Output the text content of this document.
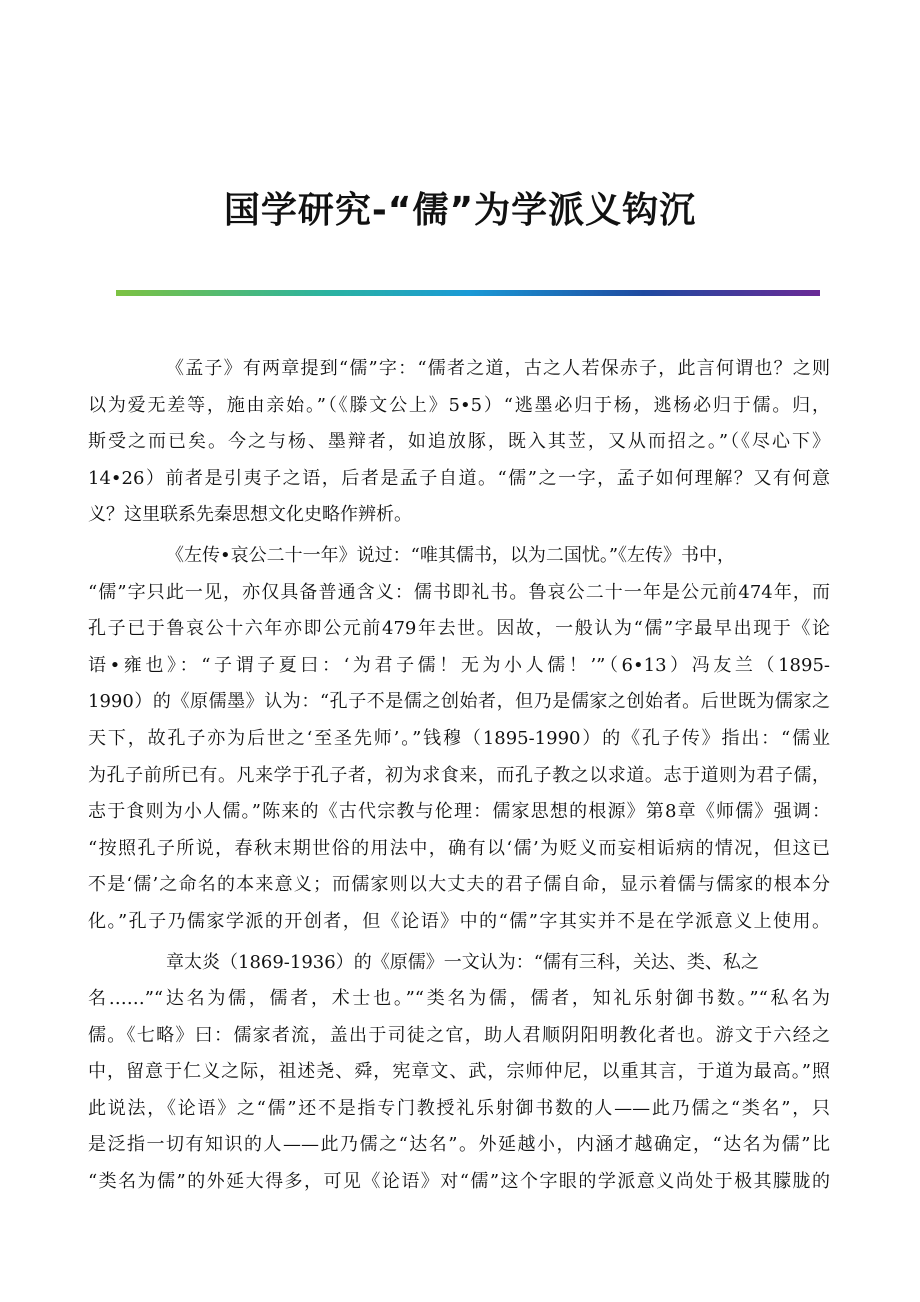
国学研究-“儒”为学派义钩沉
《孟子》有两章提到“儒”字：“儒者之道，古之人若保赤子，此言何谓也？之则
以为爱无差等，施由亲始。”（《滕文公上》5•5）“逃墨必归于杨，逃杨必归于儒。归，
斯受之而已矣。今之与杨、墨辩者，如追放豚，既入其苙，又从而招之。”（《尽心下》
14•26）前者是引夷子之语，后者是孟子自道。“儒”之一字，孟子如何理解？又有何意
义？这里联系先秦思想文化史略作辨析。
《左传•哀公二十一年》说过：“唯其儒书，以为二国忧。”《左传》书中，
“儒”字只此一见，亦仅具备普通含义：儒书即礼书。鲁哀公二十一年是公元前474年，而
孔子已于鲁哀公十六年亦即公元前479年去世。因故，一般认为“儒”字最早出现于《论
语•雍也》：“子谓子夏曰：‘为君子儒！无为小人儒！’”（6•13）冯友兰（1895-
1990）的《原儒墨》认为：“孔子不是儒之创始者，但乃是儒家之创始者。后世既为儒家之
天下，故孔子亦为后世之‘至圣先师’。”钱穆（1895-1990）的《孔子传》指出：“儒业
为孔子前所已有。凡来学于孔子者，初为求食来，而孔子教之以求道。志于道则为君子儒，
志于食则为小人儒。”陈来的《古代宗教与伦理：儒家思想的根源》第8章《师儒》强调：
“按照孔子所说，春秋末期世俗的用法中，确有以‘儒’为贬义而妄相诟病的情况，但这已
不是‘儒’之命名的本来意义；而儒家则以大丈夫的君子儒自命，显示着儒与儒家的根本分
化。”孔子乃儒家学派的开创者，但《论语》中的“儒”字其实并不是在学派意义上使用。
章太炎（1869-1936）的《原儒》一文认为：“儒有三科，关达、类、私之
名……”“达名为儒，儒者，术士也。”“类名为儒，儒者，知礼乐射御书数。”“私名为
儒。《七略》曰：儒家者流，盖出于司徒之官，助人君顺阴阳明教化者也。游文于六经之
中，留意于仁义之际，祖述尧、舜，宪章文、武，宗师仲尼，以重其言，于道为最高。”照
此说法，《论语》之“儒”还不是指专门教授礼乐射御书数的人——此乃儒之“类名”，只
是泛指一切有知识的人——此乃儒之“达名”。外延越小，内涵才越确定，“达名为儒”比
“类名为儒”的外延大得多，可见《论语》对“儒”这个字眼的学派意义尚处于极其朦胧的
